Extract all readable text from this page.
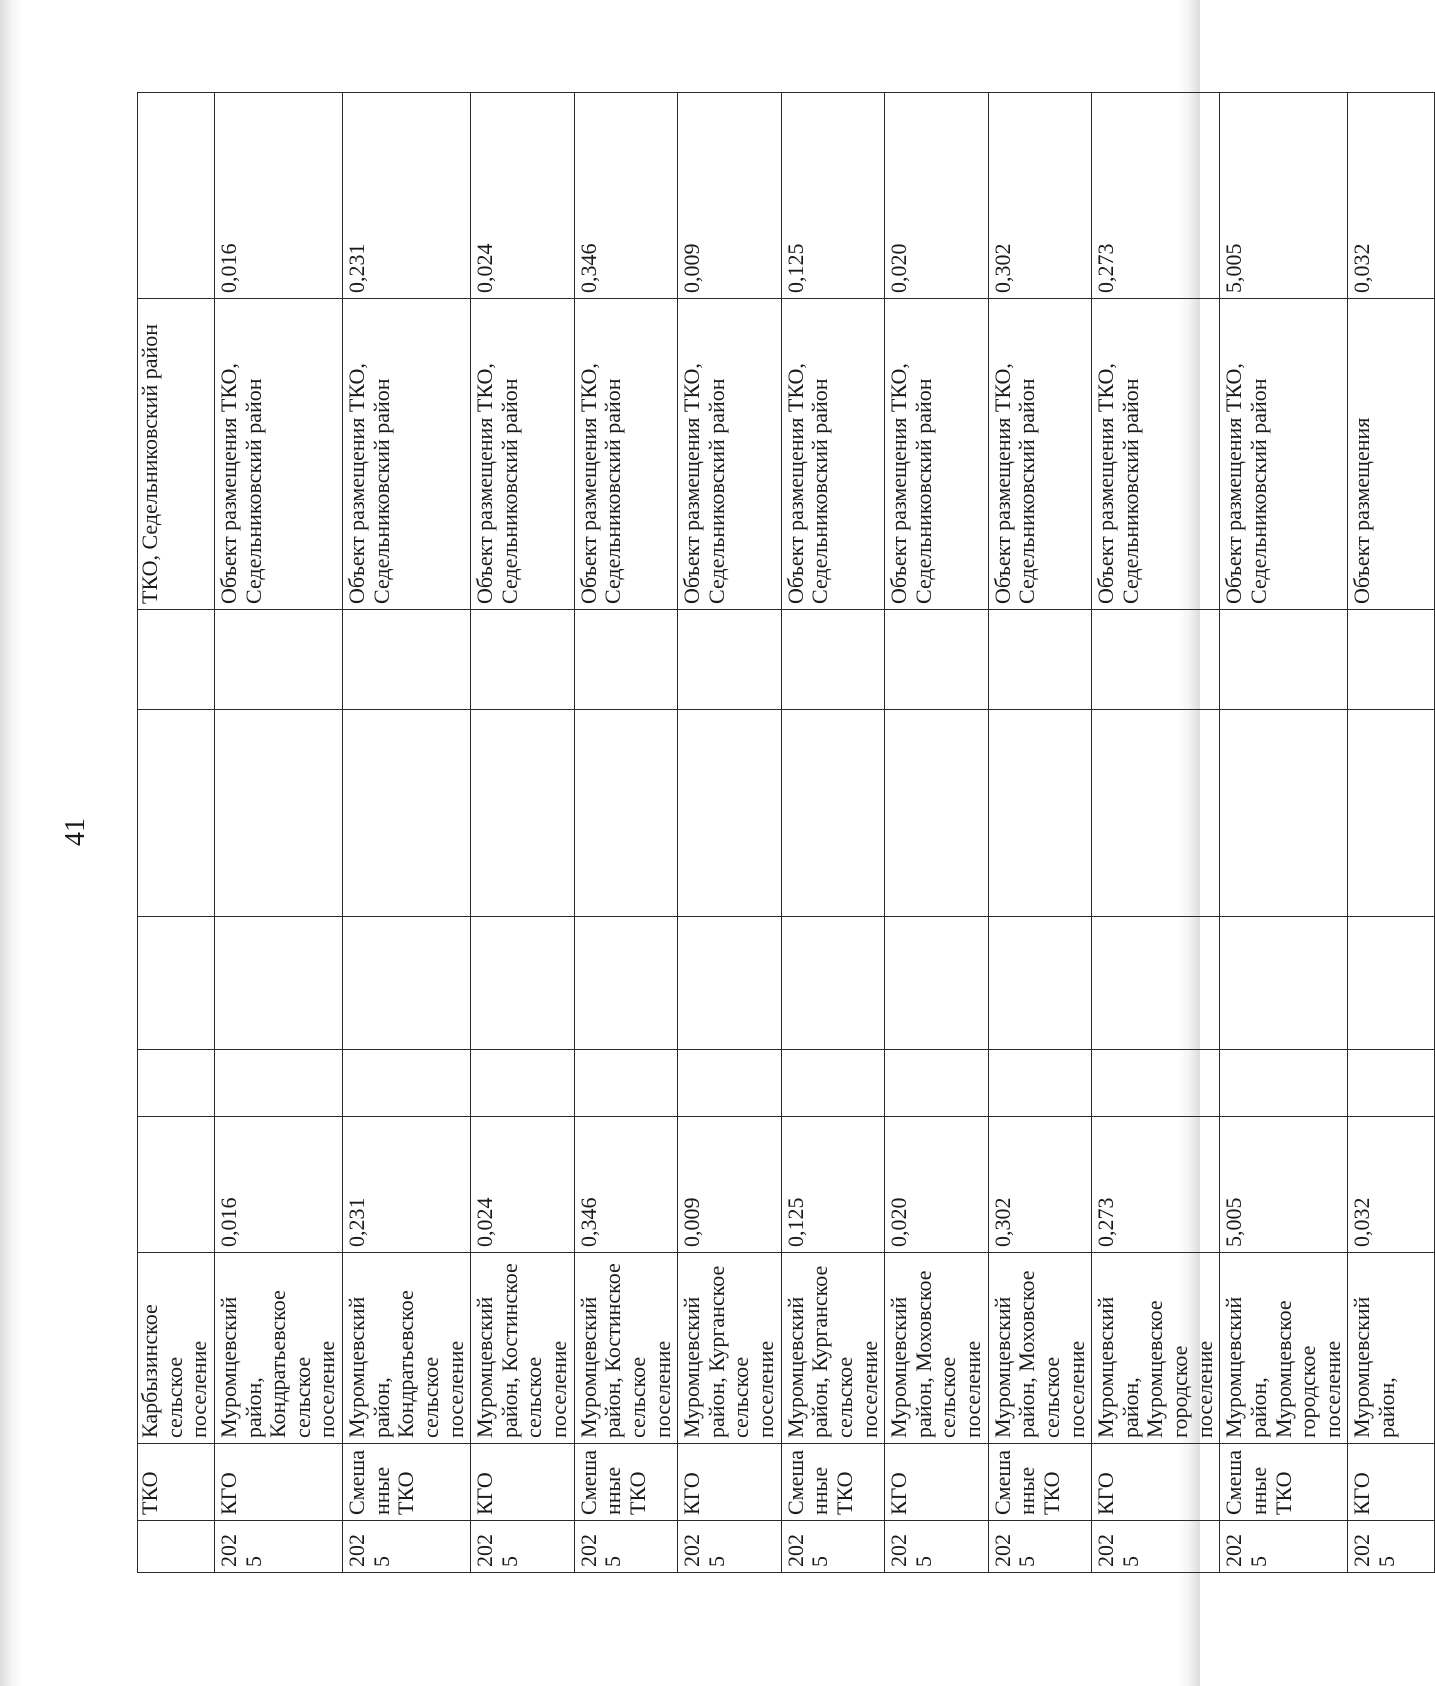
41
	ТКО	Карбызинское сельское поселение						ТКО, Седельниковский район	
2025	КГО	Муромцевский район, Кондратьевское сельское поселение	0,016					Объект размещения ТКО, Седельниковский район	0,016
2025	Смешанные ТКО	Муромцевский район, Кондратьевское сельское поселение	0,231					Объект размещения ТКО, Седельниковский район	0,231
2025	КГО	Муромцевский район, Костинское сельское поселение	0,024					Объект размещения ТКО, Седельниковский район	0,024
2025	Смешанные ТКО	Муромцевский район, Костинское сельское поселение	0,346					Объект размещения ТКО, Седельниковский район	0,346
2025	КГО	Муромцевский район, Курганское сельское поселение	0,009					Объект размещения ТКО, Седельниковский район	0,009
2025	Смешанные ТКО	Муромцевский район, Курганское сельское поселение	0,125					Объект размещения ТКО, Седельниковский район	0,125
2025	КГО	Муромцевский район, Моховское сельское поселение	0,020					Объект размещения ТКО, Седельниковский район	0,020
2025	Смешанные ТКО	Муромцевский район, Моховское сельское поселение	0,302					Объект размещения ТКО, Седельниковский район	0,302
2025	КГО	Муромцевский район, Муромцевское городское поселение	0,273					Объект размещения ТКО, Седельниковский район	0,273
2025	Смешанные ТКО	Муромцевский район, Муромцевское городское поселение	5,005					Объект размещения ТКО, Седельниковский район	5,005
2025	КГО	Муромцевский район,	0,032					Объект размещения	0,032
